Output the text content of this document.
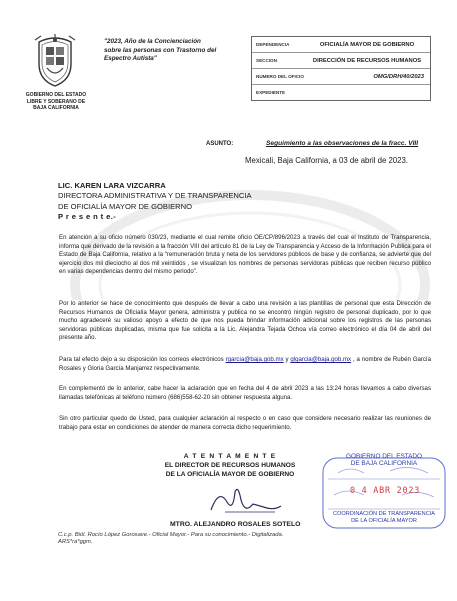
GOBIERNO DEL ESTADO
LIBRE Y SOBERANO DE
BAJA CALIFORNIA
"2023, Año de la Concienciación
sobre las personas con Trastorno del
Espectro Autista"
DEPENDENCIA	OFICIALÍA MAYOR DE GOBIERNO
SECCION	DIRECCIÓN DE RECURSOS HUMANOS
NUMERO DEL OFICIO	OMG/DRH/40/2023
EXPEDIENTE
ASUNTO:	Seguimiento a las observaciones de la fracc. VIII
Mexicali, Baja California, a 03 de abril de 2023.
LIC. KAREN LARA VIZCARRA
DIRECTORA ADMINISTRATIVA Y DE TRANSPARENCIA
DE OFICIALÍA MAYOR DE GOBIERNO
P r e s e n t e.-
En atención a su oficio número 030/23, mediante el cual remite oficio OE/CP/896/2023 a través del cual el Instituto de Transparencia, informa que derivado de la revisión a la fracción VIII del artículo 81 de la Ley de Transparencia y Acceso de la Información Publica para el Estado de Baja California, relativo a la “remuneración bruta y neta de los servidores públicos de base y de confianza, se advierte que del ejercicio dos mil dieciocho al dos mil veintidós , se visualizan los nombres de personas servidoras públicas que reciben recurso público en varias dependencias dentro del mismo periodo”.
Por lo anterior se hace de conocimiento que después de llevar a cabo una revisión a las plantillas de personal que esta Dirección de Recursos Humanos de Oficialía Mayor genera, administra y publica no se encontró ningún registro de personal duplicado, por lo que mucho agradeceré su valioso apoyo a efecto de que nos pueda brindar información adicional sobre los registros de las personas servidoras públicas duplicadas, misma que fue solicita a la Lic. Alejandra Tejada Ochoa vía correo electrónico el día 04 de abril del presente año.
Para tal efecto dejo a su disposición los correos electrónicos rgarcia@baja.gob.mx y glgarcia@baja.gob.mx , a nombre de Rubén García Rosales y Gloria García Manjarrez respectivamente.
En complementó de lo anterior, cabe hacer la aclaración que en fecha del 4 de abril 2023 a las 13:24 horas llevamos a cabo diversas llamadas telefónicas al teléfono número (686)558-62-20 sin obtener respuesta alguna.
Sin otro particular quedo de Usted, para cualquier aclaración al respecto o en caso que considere necesario realizar las reuniones de trabajo para estar en condiciones de atender de manera correcta dicho requerimiento.
A T E N T A M E N T E
EL DIRECTOR DE RECURSOS HUMANOS
DE LA OFICIALÍA MAYOR DE GOBIERNO
MTRO. ALEJANDRO ROSALES SOTELO
GOBIERNO DEL ESTADO
DE BAJA CALIFORNIA
0 4 ABR 2023
COORDINACIÓN DE TRANSPARENCIA
DE LA OFICIALÍA MAYOR
C.c.p. Biól. Rocío López Gorosave.- Oficial Mayor.- Para su conocimiento.- Digitalizada.
ARS*ra*ggm.
